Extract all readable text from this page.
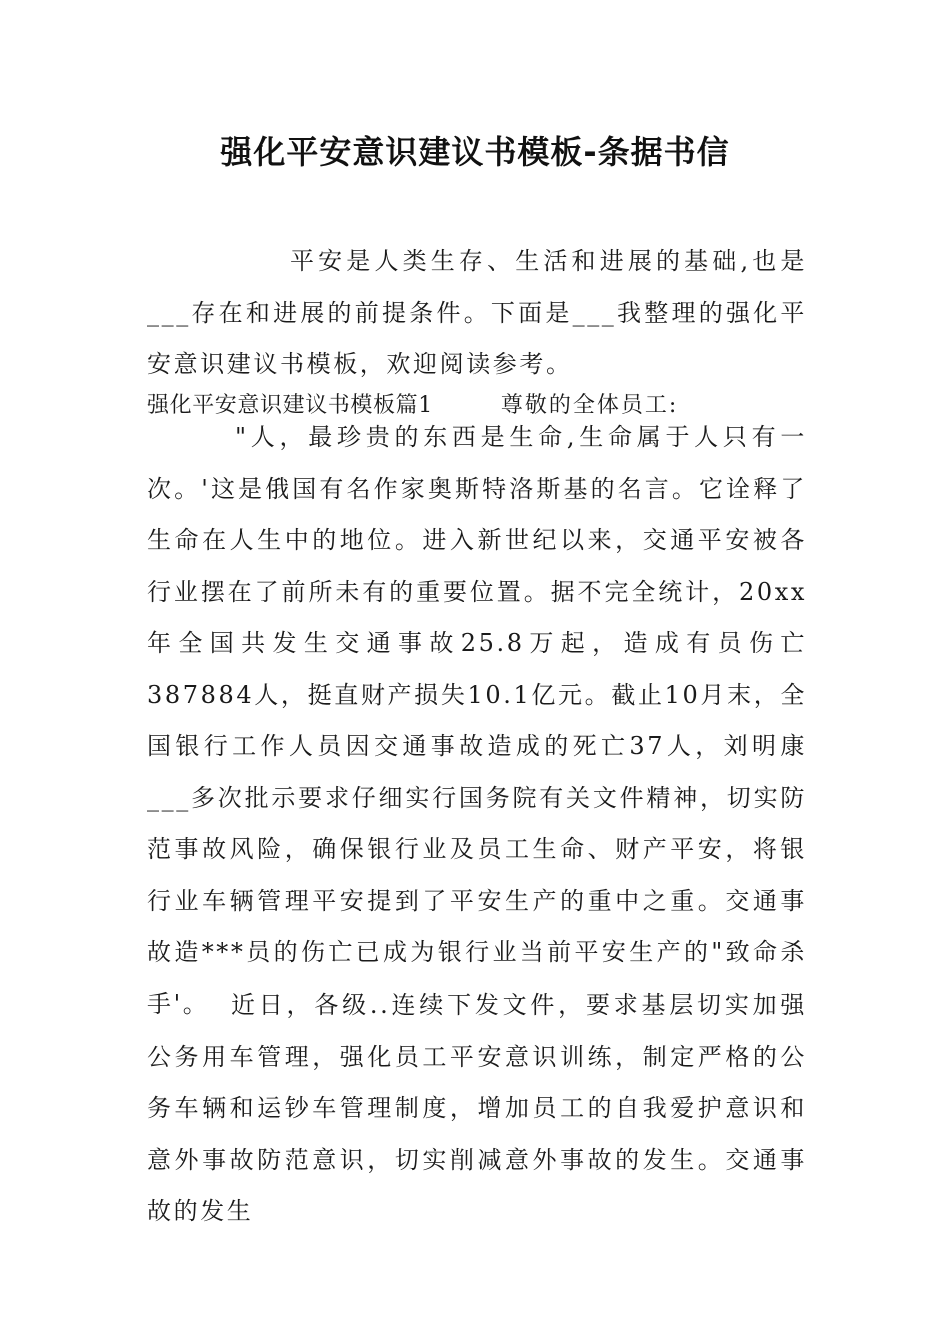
强化平安意识建议书模板-条据书信

平安是人类生存、生活和进展的基础,也是___存在和进展的前提条件。下面是___我整理的强化平安意识建议书模板，欢迎阅读参考。

强化平安意识建议书模板篇1	尊敬的全体员工:

"人，最珍贵的东西是生命,生命属于人只有一次。'这是俄国有名作家奥斯特洛斯基的名言。它诠释了生命在人生中的地位。进入新世纪以来，交通平安被各行业摆在了前所未有的重要位置。据不完全统计，20xx年全国共发生交通事故25.8万起，造成有员伤亡387884人，挺直财产损失10.1亿元。截止10月末，全国银行工作人员因交通事故造成的死亡37人，刘明康___多次批示要求仔细实行国务院有关文件精神，切实防范事故风险，确保银行业及员工生命、财产平安，将银行业车辆管理平安提到了平安生产的重中之重。交通事故造***员的伤亡已成为银行业当前平安生产的"致命杀手'。 近日，各级..连续下发文件，要求基层切实加强公务用车管理，强化员工平安意识训练，制定严格的公务车辆和运钞车管理制度，增加员工的自我爱护意识和意外事故防范意识，切实削减意外事故的发生。交通事故的发生
